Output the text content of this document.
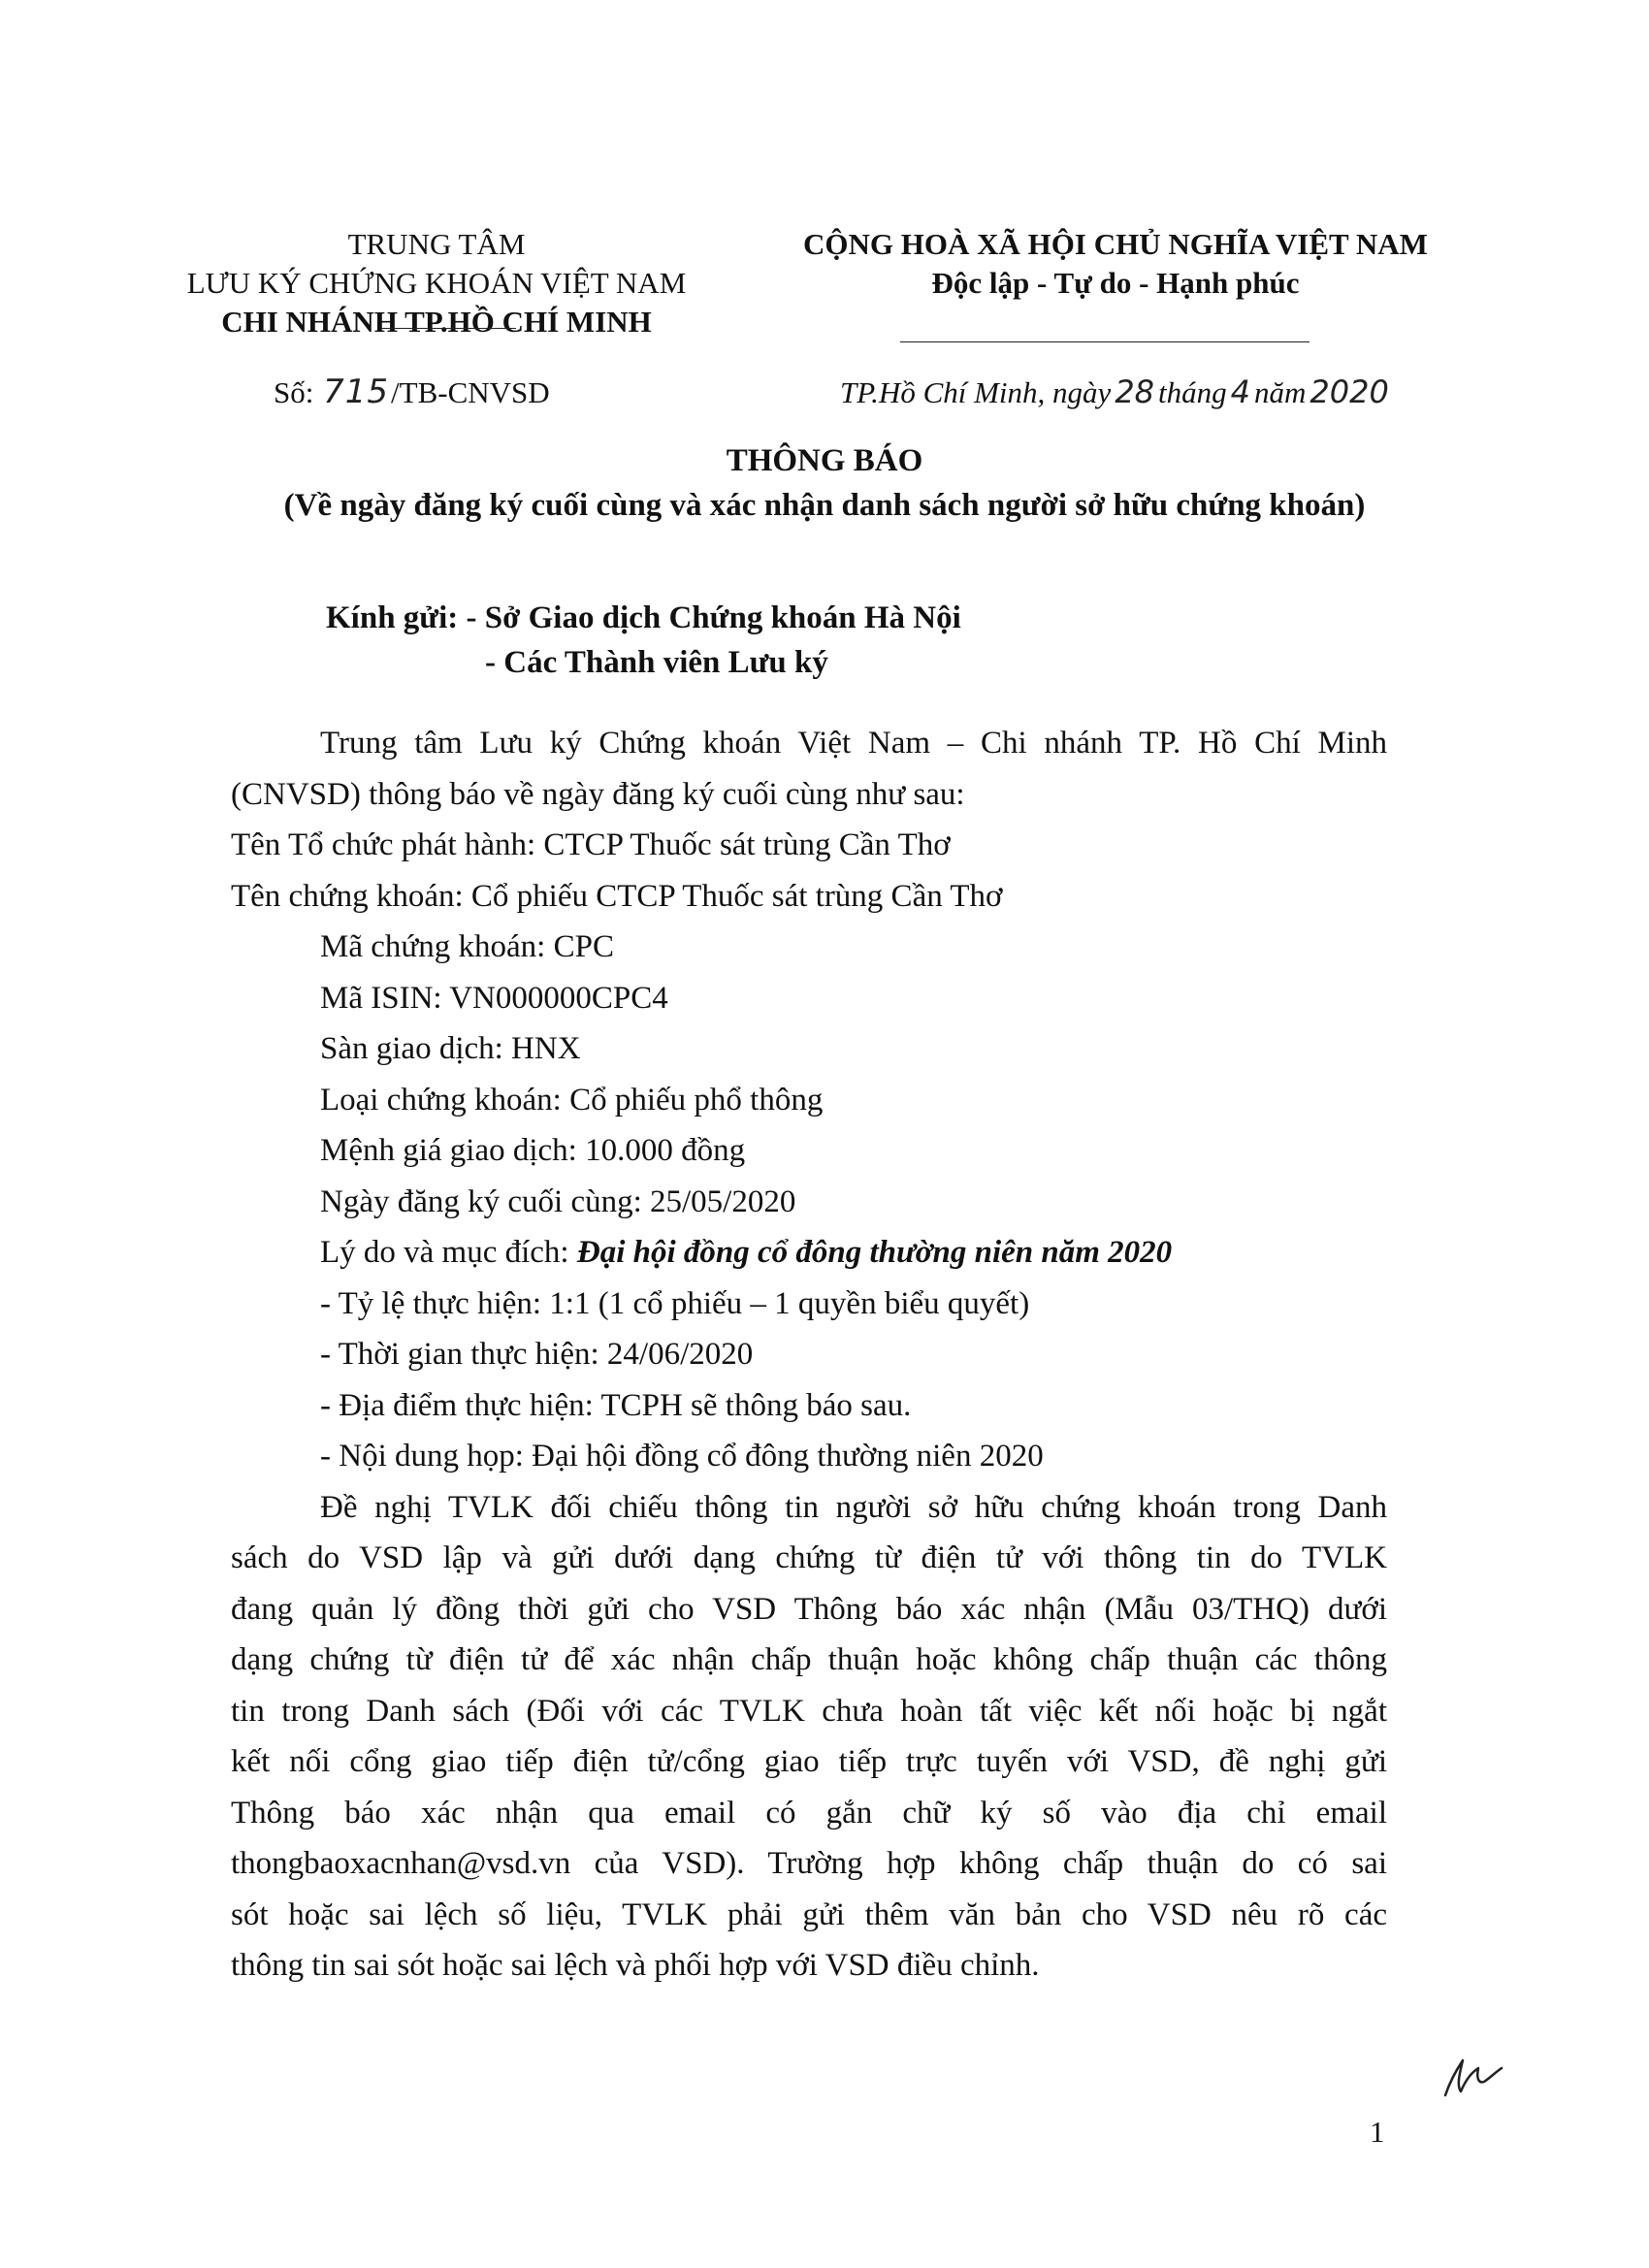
TRUNG TÂM
LƯU KÝ CHỨNG KHOÁN VIỆT NAM
CHI NHÁNH TP.HỒ CHÍ MINH
CỘNG HOÀ XÃ HỘI CHỦ NGHĨA VIỆT NAM
Độc lập - Tự do - Hạnh phúc
Số: 715/TB-CNVSD	TP.Hồ Chí Minh, ngày 28 tháng 4 năm 2020
THÔNG BÁO
(Về ngày đăng ký cuối cùng và xác nhận danh sách người sở hữu chứng khoán)
Kính gửi: - Sở Giao dịch Chứng khoán Hà Nội
- Các Thành viên Lưu ký
Trung tâm Lưu ký Chứng khoán Việt Nam – Chi nhánh TP. Hồ Chí Minh
(CNVSD) thông báo về ngày đăng ký cuối cùng như sau:
Tên Tổ chức phát hành: CTCP Thuốc sát trùng Cần Thơ
Tên chứng khoán: Cổ phiếu CTCP Thuốc sát trùng Cần Thơ
Mã chứng khoán: CPC
Mã ISIN: VN000000CPC4
Sàn giao dịch: HNX
Loại chứng khoán: Cổ phiếu phổ thông
Mệnh giá giao dịch: 10.000 đồng
Ngày đăng ký cuối cùng: 25/05/2020
Lý do và mục đích: Đại hội đồng cổ đông thường niên năm 2020
- Tỷ lệ thực hiện: 1:1 (1 cổ phiếu – 1 quyền biểu quyết)
- Thời gian thực hiện: 24/06/2020
- Địa điểm thực hiện: TCPH sẽ thông báo sau.
- Nội dung họp: Đại hội đồng cổ đông thường niên 2020
Đề nghị TVLK đối chiếu thông tin người sở hữu chứng khoán trong Danh
sách do VSD lập và gửi dưới dạng chứng từ điện tử với thông tin do TVLK
đang quản lý đồng thời gửi cho VSD Thông báo xác nhận (Mẫu 03/THQ) dưới
dạng chứng từ điện tử để xác nhận chấp thuận hoặc không chấp thuận các thông
tin trong Danh sách (Đối với các TVLK chưa hoàn tất việc kết nối hoặc bị ngắt
kết nối cổng giao tiếp điện tử/cổng giao tiếp trực tuyến với VSD, đề nghị gửi
Thông báo xác nhận qua email có gắn chữ ký số vào địa chỉ email
thongbaoxacnhan@vsd.vn của VSD). Trường hợp không chấp thuận do có sai
sót hoặc sai lệch số liệu, TVLK phải gửi thêm văn bản cho VSD nêu rõ các
thông tin sai sót hoặc sai lệch và phối hợp với VSD điều chỉnh.
1
